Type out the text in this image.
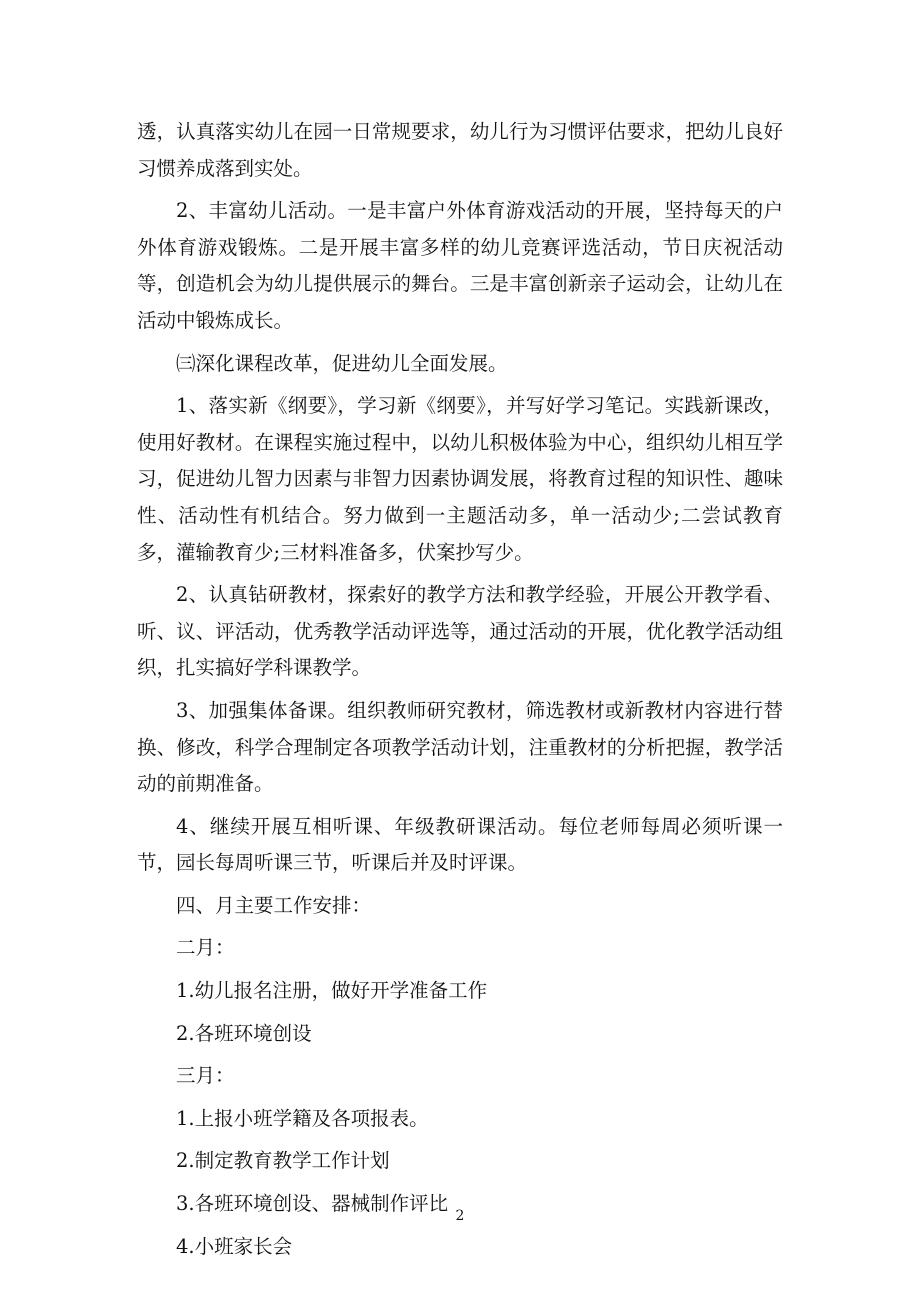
透，认真落实幼儿在园一日常规要求，幼儿行为习惯评估要求，把幼儿良好习惯养成落到实处。

2、丰富幼儿活动。一是丰富户外体育游戏活动的开展，坚持每天的户外体育游戏锻炼。二是开展丰富多样的幼儿竞赛评选活动，节日庆祝活动等，创造机会为幼儿提供展示的舞台。三是丰富创新亲子运动会，让幼儿在活动中锻炼成长。

㈢深化课程改革，促进幼儿全面发展。

1、落实新《纲要》，学习新《纲要》，并写好学习笔记。实践新课改，使用好教材。在课程实施过程中，以幼儿积极体验为中心，组织幼儿相互学习，促进幼儿智力因素与非智力因素协调发展，将教育过程的知识性、趣味性、活动性有机结合。努力做到一主题活动多，单一活动少;二尝试教育多，灌输教育少;三材料准备多，伏案抄写少。

2、认真钻研教材，探索好的教学方法和教学经验，开展公开教学看、听、议、评活动，优秀教学活动评选等，通过活动的开展，优化教学活动组织，扎实搞好学科课教学。

3、加强集体备课。组织教师研究教材，筛选教材或新教材内容进行替换、修改，科学合理制定各项教学活动计划，注重教材的分析把握，教学活动的前期准备。

4、继续开展互相听课、年级教研课活动。每位老师每周必须听课一节，园长每周听课三节，听课后并及时评课。

四、月主要工作安排：

二月：

1.幼儿报名注册，做好开学准备工作

2.各班环境创设

三月：

1.上报小班学籍及各项报表。

2.制定教育教学工作计划

3.各班环境创设、器械制作评比

4.小班家长会

2
